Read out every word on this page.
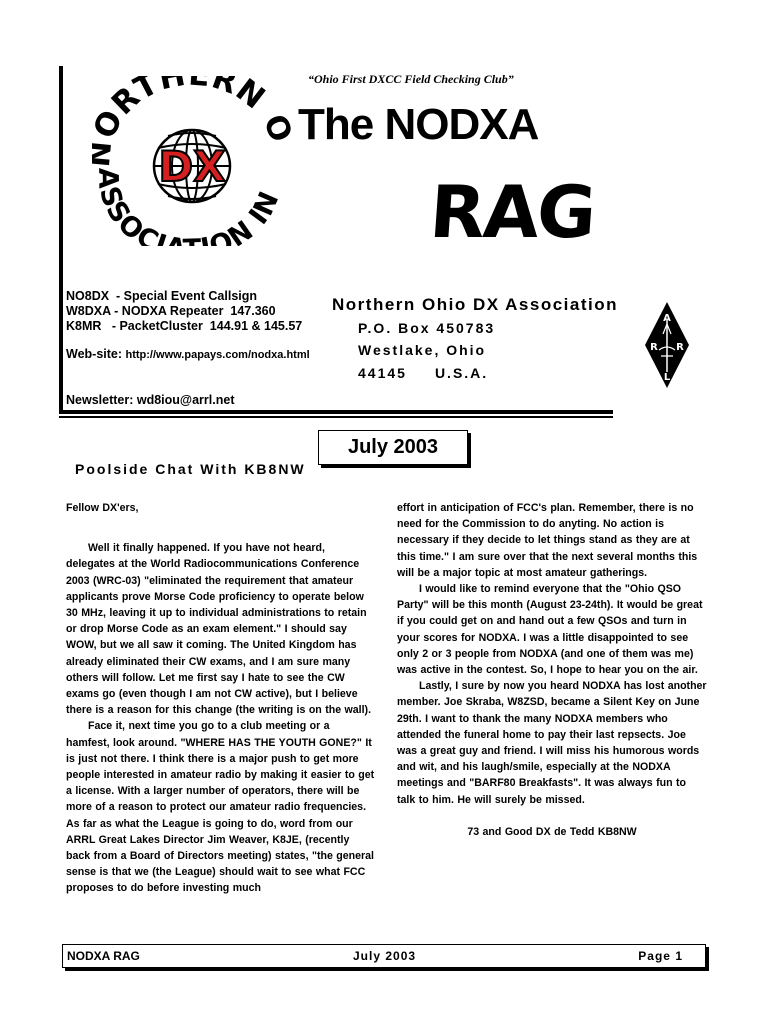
RTH RN
ASSOCI ON IN
DX
“Ohio First DXCC Field Checking Club”
The NODXA
RAG
NO8DX  - Special Event Callsign
W8DXA - NODXA Repeater  147.360
K8MR   - PacketCluster  144.91 & 145.57
Web-site: http://www.papays.com/nodxa.html
Newsletter: wd8iou@arrl.net
Northern Ohio DX Association
P.O. Box 450783
Westlake, Ohio
44145 U.S.A.
A
R R
L
July 2003
Poolside Chat With KB8NW

Fellow DX'ers,

Well it finally happened. If you have not heard, delegates at the World Radiocommunications Conference 2003 (WRC-03) "eliminated the requirement that amateur applicants prove Morse Code proficiency to operate below 30 MHz, leaving it up to individual administrations to retain or drop Morse Code as an exam element." I should say WOW, but we all saw it coming. The United Kingdom has already eliminated their CW exams, and I am sure many others will follow. Let me first say I hate to see the CW exams go (even though I am not CW active), but I believe there is a reason for this change (the writing is on the wall).

Face it, next time you go to a club meeting or a hamfest, look around. "WHERE HAS THE YOUTH GONE?" It is just not there. I think there is a major push to get more people interested in amateur radio by making it easier to get a license. With a larger number of operators, there will be more of a reason to protect our amateur radio frequencies. As far as what the League is going to do, word from our ARRL Great Lakes Director Jim Weaver, K8JE, (recently back from a Board of Directors meeting) states, "the general sense is that we (the League) should wait to see what FCC proposes to do before investing much

effort in anticipation of FCC's plan. Remember, there is no need for the Commission to do anyting. No action is necessary if they decide to let things stand as they are at this time." I am sure over that the next several months this will be a major topic at most amateur gatherings.

I would like to remind everyone that the "Ohio QSO Party" will be this month (August 23-24th). It would be great if you could get on and hand out a few QSOs and turn in your scores for NODXA. I was a little disappointed to see only 2 or 3 people from NODXA (and one of them was me) was active in the contest. So, I hope to hear you on the air.

Lastly, I sure by now you heard NODXA has lost another member. Joe Skraba, W8ZSD, became a Silent Key on June 29th. I want to thank the many NODXA members who attended the funeral home to pay their last repsects. Joe was a great guy and friend. I will miss his humorous words and wit, and his laugh/smile, especially at the NODXA meetings and "BARF80 Breakfasts". It was always fun to talk to him. He will surely be missed.

73 and Good DX de Tedd KB8NW

NODXA RAG	July 2003	Page 1
